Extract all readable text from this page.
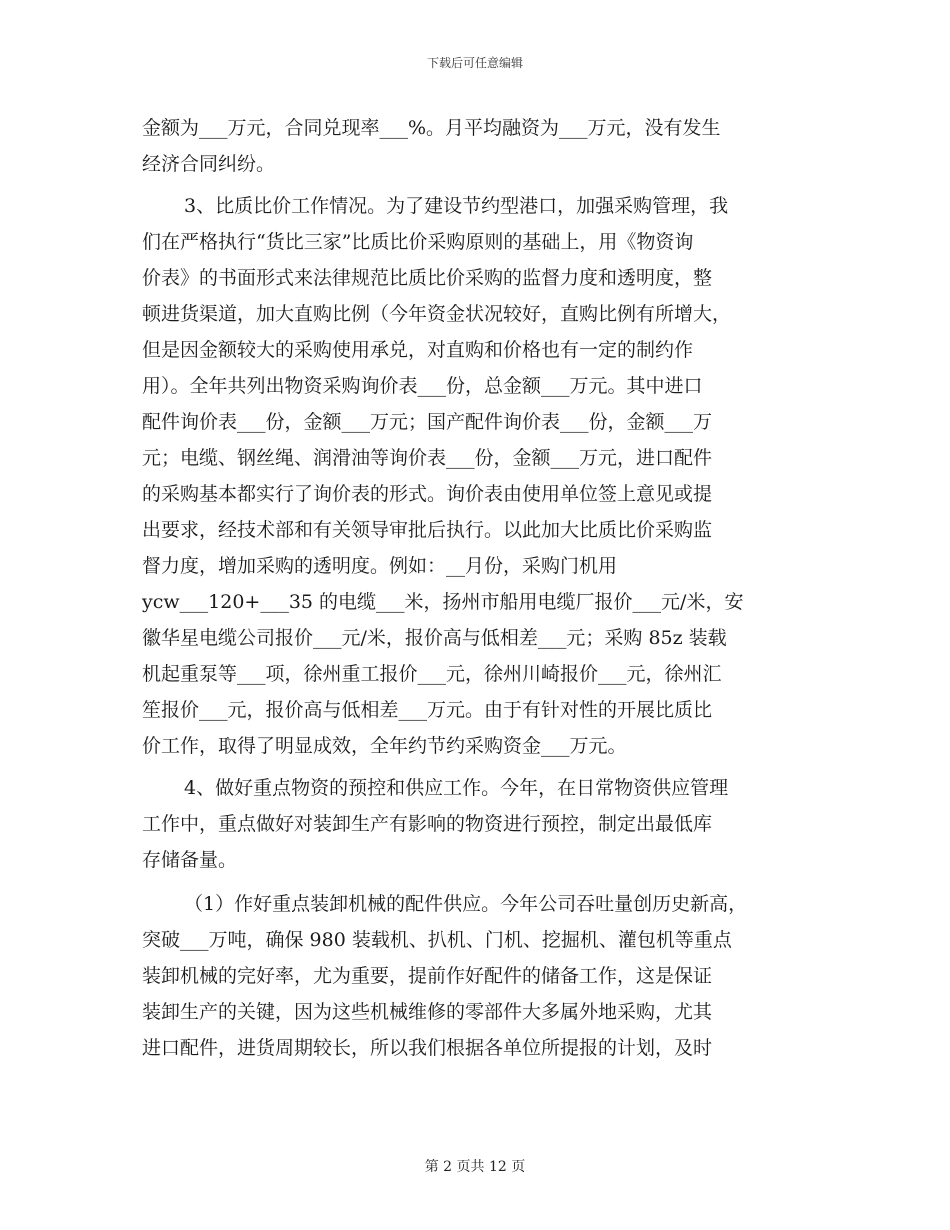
下载后可任意编辑
金额为___万元，合同兑现率___%。月平均融资为___万元，没有发生
经济合同纠纷。
3、比质比价工作情况。为了建设节约型港口，加强采购管理，我
们在严格执行“货比三家”比质比价采购原则的基础上，用《物资询
价表》的书面形式来法律规范比质比价采购的监督力度和透明度，整
顿进货渠道，加大直购比例（今年资金状况较好，直购比例有所增大，
但是因金额较大的采购使用承兑，对直购和价格也有一定的制约作
用）。全年共列出物资采购询价表___份，总金额___万元。其中进口
配件询价表___份，金额___万元；国产配件询价表___份，金额___万
元；电缆、钢丝绳、润滑油等询价表___份，金额___万元，进口配件
的采购基本都实行了询价表的形式。询价表由使用单位签上意见或提
出要求，经技术部和有关领导审批后执行。以此加大比质比价采购监
督力度，增加采购的透明度。例如：__月份，采购门机用
ycw___120+___35 的电缆___米，扬州市船用电缆厂报价___元/米，安
徽华星电缆公司报价___元/米，报价高与低相差___元；采购 85z 装载
机起重泵等___项，徐州重工报价___元，徐州川崎报价___元，徐州汇
笙报价___元，报价高与低相差___万元。由于有针对性的开展比质比
价工作，取得了明显成效，全年约节约采购资金___万元。
4、做好重点物资的预控和供应工作。今年，在日常物资供应管理
工作中，重点做好对装卸生产有影响的物资进行预控，制定出最低库
存储备量。
（1）作好重点装卸机械的配件供应。今年公司吞吐量创历史新高，
突破___万吨，确保 980 装载机、扒机、门机、挖掘机、灌包机等重点
装卸机械的完好率，尤为重要，提前作好配件的储备工作，这是保证
装卸生产的关键，因为这些机械维修的零部件大多属外地采购，尤其
进口配件，进货周期较长，所以我们根据各单位所提报的计划，及时
第 2 页共 12 页
